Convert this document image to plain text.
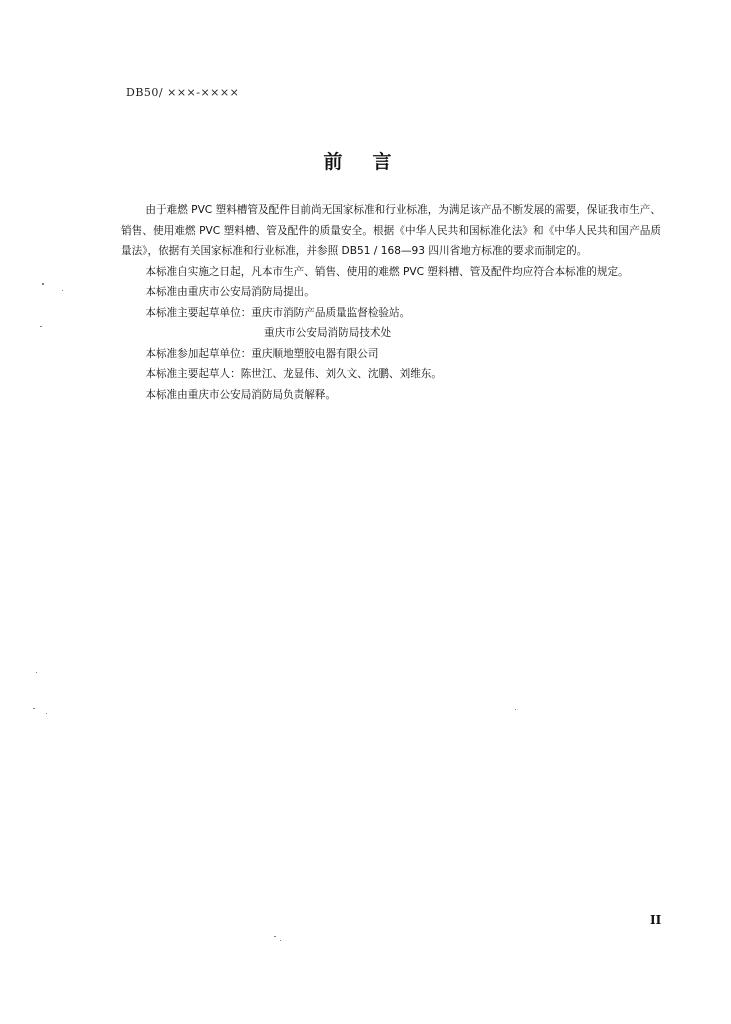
DB50/ ×××-××××
前言

由于难燃 PVC 塑料槽管及配件目前尚无国家标准和行业标准，为满足该产品不断发展的需要，保证我市生产、销售、使用难燃 PVC 塑料槽、管及配件的质量安全。根据《中华人民共和国标准化法》和《中华人民共和国产品质量法》，依据有关国家标准和行业标准，并参照 DB51 / 168—93 四川省地方标准的要求而制定的。

本标准自实施之日起，凡本市生产、销售、使用的难燃 PVC 塑料槽、管及配件均应符合本标准的规定。

本标准由重庆市公安局消防局提出。

本标准主要起草单位：重庆市消防产品质量监督检验站。

重庆市公安局消防局技术处

本标准参加起草单位：重庆顺地塑胶电器有限公司

本标准主要起草人：陈世江、龙显伟、刘久文、沈鹏、刘维东。

本标准由重庆市公安局消防局负责解释。

II
